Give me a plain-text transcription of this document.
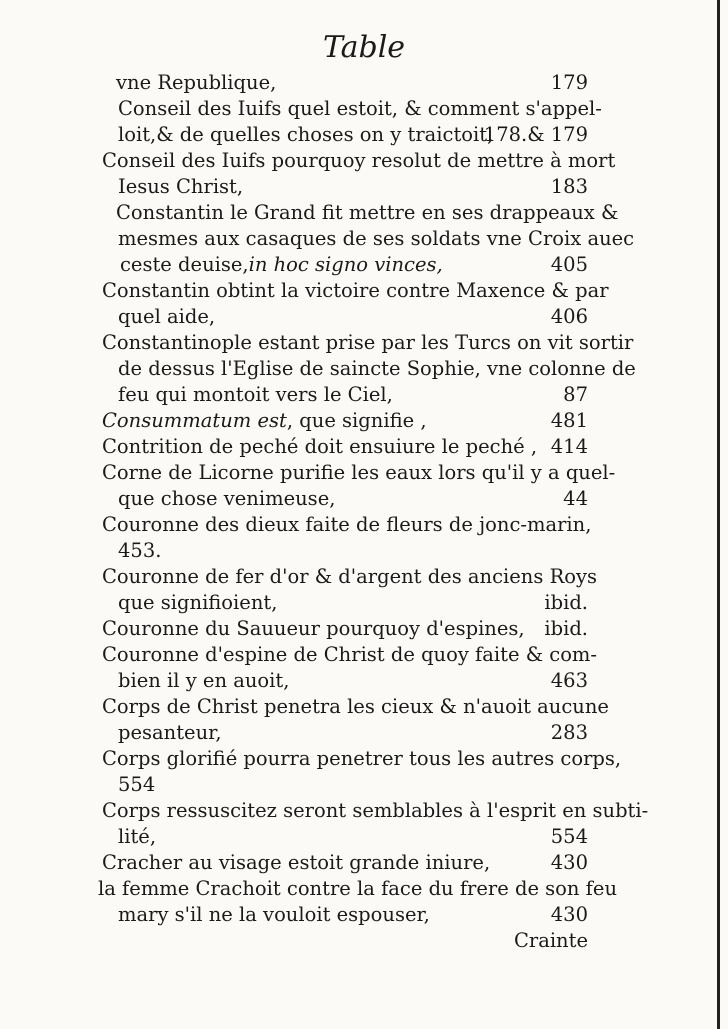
Table
vne Republique,	179
Conseil des Iuifs quel estoit, & comment s'appel-
loit,& de quelles choses on y traictoit,
178.& 179
Conseil des Iuifs pourquoy resolut de mettre à mort
Iesus Christ,	183
Constantin le Grand fit mettre en ses drappeaux &
mesmes aux casaques de ses soldats vne Croix auec
ceste deuise,in hoc signo vinces,	405
Constantin obtint la victoire contre Maxence & par
quel aide,	406
Constantinople estant prise par les Turcs on vit sortir
de dessus l'Eglise de saincte Sophie, vne colonne de
feu qui montoit vers le Ciel,	87
Consummatum est, que signifie ,	481
Contrition de peché doit ensuiure le peché , 414
Corne de Licorne purifie les eaux lors qu'il y a quel-
que chose venimeuse,	44
Couronne des dieux faite de fleurs de jonc-marin,
453.
Couronne de fer d'or & d'argent des anciens Roys
que signifioient,	ibid.
Couronne du Sauueur pourquoy d'espines, ibid.
Couronne d'espine de Christ de quoy faite & com-
bien il y en auoit,	463
Corps de Christ penetra les cieux & n'auoit aucune
pesanteur,	283
Corps glorifié pourra penetrer tous les autres corps,
554
Corps ressuscitez seront semblables à l'esprit en subti-
lité,	554
Cracher au visage estoit grande iniure,	430
la femme Crachoit contre la face du frere de son feu
mary s'il ne la vouloit espouser,	430
Crainte
